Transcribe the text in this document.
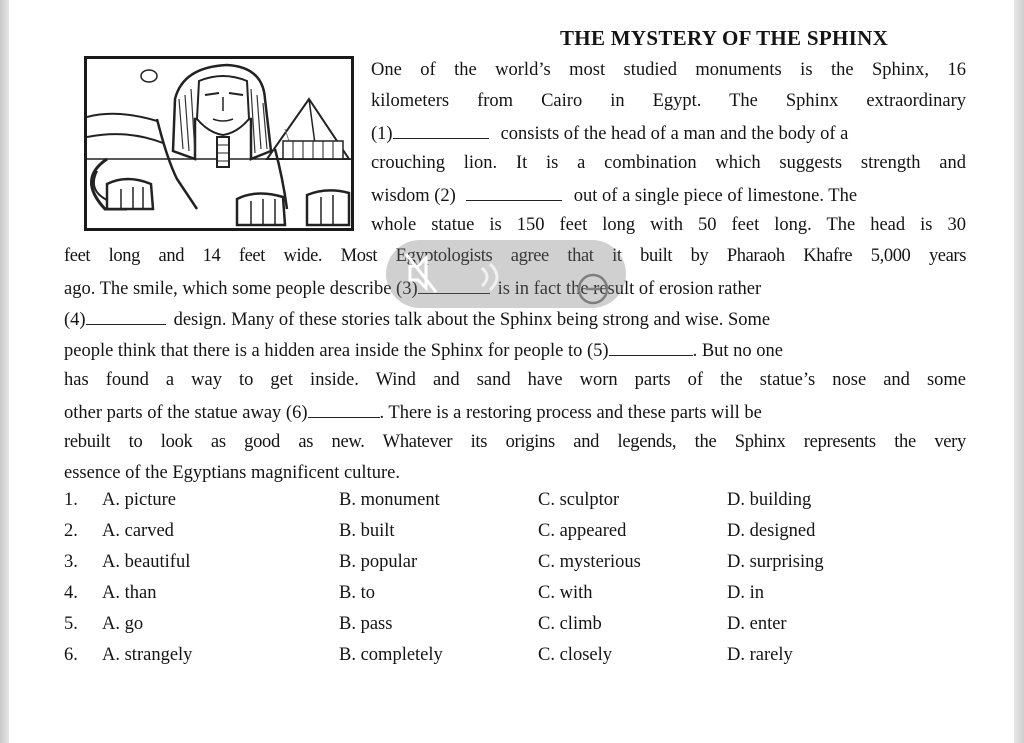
THE MYSTERY OF THE SPHINX
One of the world’s most studied monuments is the Sphinx, 16
kilometers from Cairo in Egypt. The Sphinx extraordinary
(1)	consists of the head of a man and the body of a
crouching lion. It is a combination which suggests strength and
wisdom (2)	out of a single piece of limestone. The
whole statue is 150 feet long with 50 feet long. The head is 30
feet long and 14 feet wide. Most Egyptologists agree that it built by Pharaoh Khafre 5,000 years
ago. The smile, which some people describe (3)	is in fact the result of erosion rather
(4)	design. Many of these stories talk about the Sphinx being strong and wise. Some
people think that there is a hidden area inside the Sphinx for people to (5)	. But no one
has found a way to get inside. Wind and sand have worn parts of the statue’s nose and some
other parts of the statue away (6)	. There is a restoring process and these parts will be
rebuilt to look as good as new. Whatever its origins and legends, the Sphinx represents the very
essence of the Egyptians magnificent culture.
1. A. picture	B. monument	C. sculptor	D. building
2. A. carved	B. built	C. appeared	D. designed
3. A. beautiful	B. popular	C. mysterious	D. surprising
4. A. than	B. to	C. with	D. in
5. A. go	B. pass	C. climb	D. enter
6. A. strangely	B. completely	C. closely	D. rarely
